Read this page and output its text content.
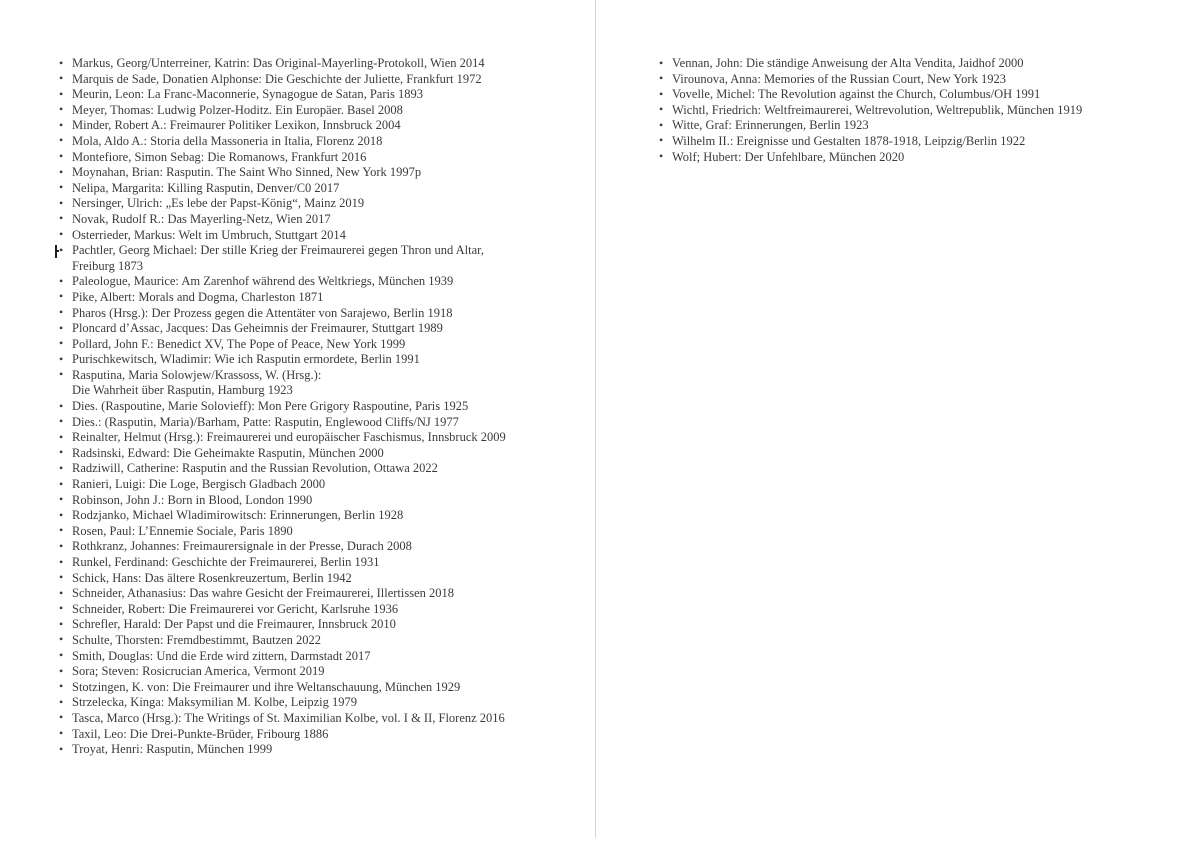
• Markus, Georg/Unterreiner, Katrin: Das Original-Mayerling-Protokoll, Wien 2014
• Marquis de Sade, Donatien Alphonse: Die Geschichte der Juliette, Frankfurt 1972
• Meurin, Leon: La Franc-Maconnerie, Synagogue de Satan, Paris 1893
• Meyer, Thomas: Ludwig Polzer-Hoditz. Ein Europäer. Basel 2008
• Minder, Robert A.: Freimaurer Politiker Lexikon, Innsbruck 2004
• Mola, Aldo A.: Storia della Massoneria in Italia, Florenz 2018
• Montefiore, Simon Sebag: Die Romanows, Frankfurt 2016
• Moynahan, Brian: Rasputin. The Saint Who Sinned, New York 1997p
• Nelipa, Margarita: Killing Rasputin, Denver/C0 2017
• Nersinger, Ulrich: „Es lebe der Papst-König“, Mainz 2019
• Novak, Rudolf R.: Das Mayerling-Netz, Wien 2017
• Osterrieder, Markus: Welt im Umbruch, Stuttgart 2014
• Pachtler, Georg Michael: Der stille Krieg der Freimaurerei gegen Thron und Altar,
Freiburg 1873
• Paleologue, Maurice: Am Zarenhof während des Weltkriegs, München 1939
• Pike, Albert: Morals and Dogma, Charleston 1871
• Pharos (Hrsg.): Der Prozess gegen die Attentäter von Sarajewo, Berlin 1918
• Ploncard d’Assac, Jacques: Das Geheimnis der Freimaurer, Stuttgart 1989
• Pollard, John F.: Benedict XV, The Pope of Peace, New York 1999
• Purischkewitsch, Wladimir: Wie ich Rasputin ermordete, Berlin 1991
• Rasputina, Maria Solowjew/Krassoss, W. (Hrsg.):
Die Wahrheit über Rasputin, Hamburg 1923
• Dies. (Raspoutine, Marie Solovieff): Mon Pere Grigory Raspoutine, Paris 1925
• Dies.: (Rasputin, Maria)/Barham, Patte: Rasputin, Englewood Cliffs/NJ 1977
• Reinalter, Helmut (Hrsg.): Freimaurerei und europäischer Faschismus, Innsbruck 2009
• Radsinski, Edward: Die Geheimakte Rasputin, München 2000
• Radziwill, Catherine: Rasputin and the Russian Revolution, Ottawa 2022
• Ranieri, Luigi: Die Loge, Bergisch Gladbach 2000
• Robinson, John J.: Born in Blood, London 1990
• Rodzjanko, Michael Wladimirowitsch: Erinnerungen, Berlin 1928
• Rosen, Paul: L’Ennemie Sociale, Paris 1890
• Rothkranz, Johannes: Freimaurersignale in der Presse, Durach 2008
• Runkel, Ferdinand: Geschichte der Freimaurerei, Berlin 1931
• Schick, Hans: Das ältere Rosenkreuzertum, Berlin 1942
• Schneider, Athanasius: Das wahre Gesicht der Freimaurerei, Illertissen 2018
• Schneider, Robert: Die Freimaurerei vor Gericht, Karlsruhe 1936
• Schrefler, Harald: Der Papst und die Freimaurer, Innsbruck 2010
• Schulte, Thorsten: Fremdbestimmt, Bautzen 2022
• Smith, Douglas: Und die Erde wird zittern, Darmstadt 2017
• Sora; Steven: Rosicrucian America, Vermont 2019
• Stotzingen, K. von: Die Freimaurer und ihre Weltanschauung, München 1929
• Strzelecka, Kinga: Maksymilian M. Kolbe, Leipzig 1979
• Tasca, Marco (Hrsg.): The Writings of St. Maximilian Kolbe, vol. I & II, Florenz 2016
• Taxil, Leo: Die Drei-Punkte-Brüder, Fribourg 1886
• Troyat, Henri: Rasputin, München 1999
• Vennan, John: Die ständige Anweisung der Alta Vendita, Jaidhof 2000
• Virounova, Anna: Memories of the Russian Court, New York 1923
• Vovelle, Michel: The Revolution against the Church, Columbus/OH 1991
• Wichtl, Friedrich: Weltfreimaurerei, Weltrevolution, Weltrepublik, München 1919
• Witte, Graf: Erinnerungen, Berlin 1923
• Wilhelm II.: Ereignisse und Gestalten 1878-1918, Leipzig/Berlin 1922
• Wolf; Hubert: Der Unfehlbare, München 2020
